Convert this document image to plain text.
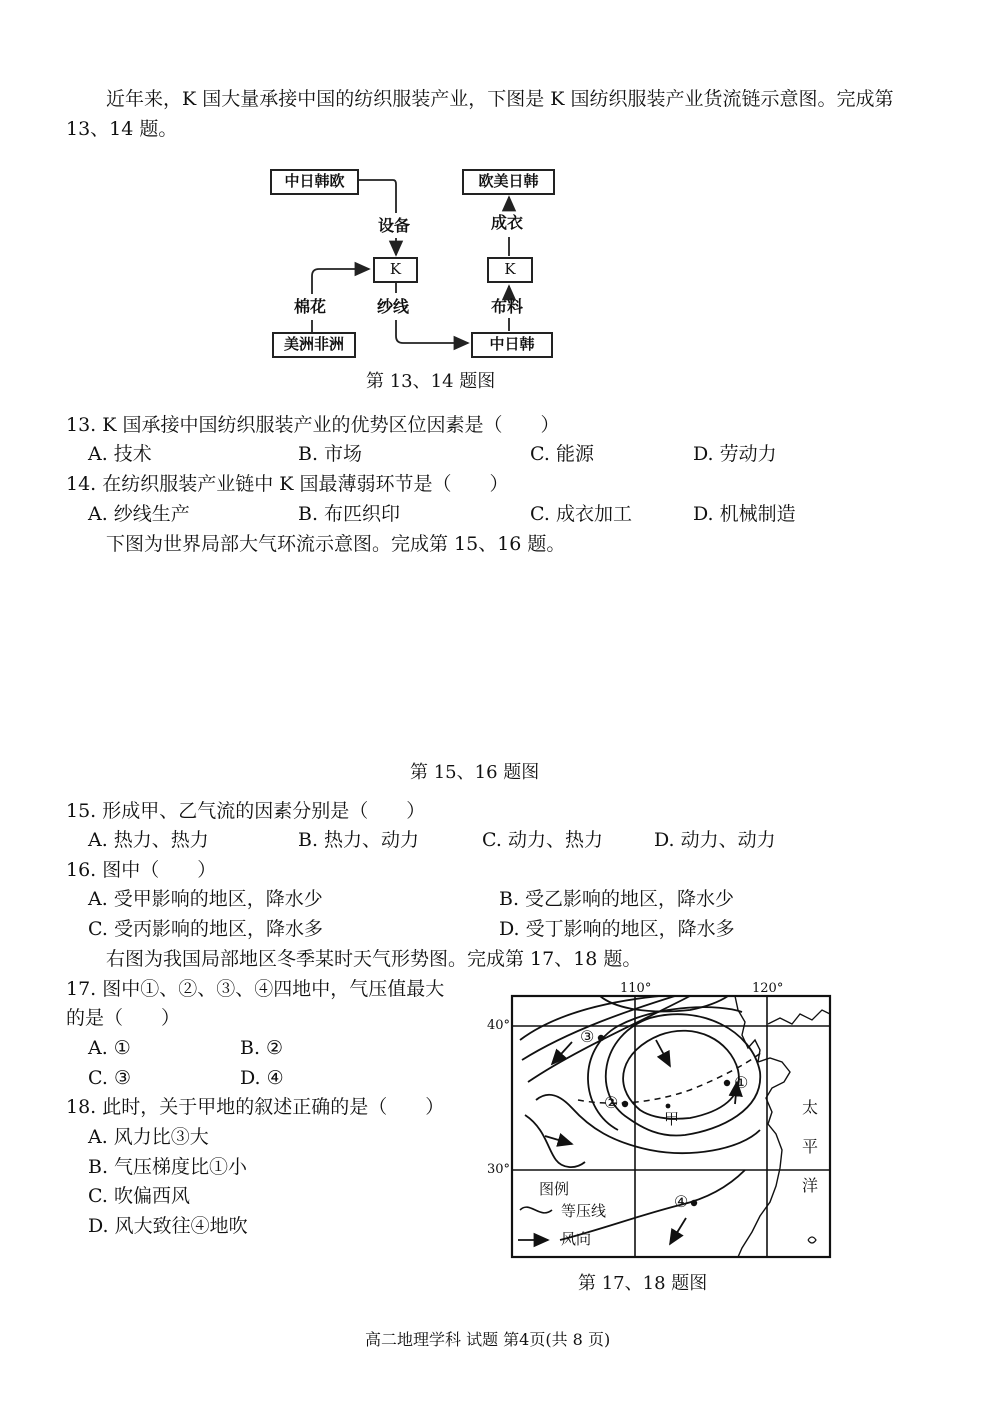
近年来，K 国大量承接中国的纺织服装产业，下图是 K 国纺织服装产业货流链示意图。完成第
13、14 题。
中日韩欧	欧美日韩
K	K
美洲非洲	中日韩
设备	成衣
棉花	纱线	布料
第 13、14 题图
13. K 国承接中国纺织服装产业的优势区位因素是（　　）
A. 技术	B. 市场	C. 能源	D. 劳动力
14. 在纺织服装产业链中 K 国最薄弱环节是（　　）
A. 纱线生产	B. 布匹织印	C. 成衣加工	D. 机械制造
下图为世界局部大气环流示意图。完成第 15、16 题。
第 15、16 题图
15. 形成甲、乙气流的因素分别是（　　）
A. 热力、热力	B. 热力、动力	C. 动力、热力	D. 动力、动力
16. 图中（　　）
A. 受甲影响的地区，降水少	B. 受乙影响的地区，降水少
C. 受丙影响的地区，降水多	D. 受丁影响的地区，降水多
右图为我国局部地区冬季某时天气形势图。完成第 17、18 题。
17. 图中①、②、③、④四地中，气压值最大
的是（　　）
A. ①	B. ②
C. ③	D. ④
18. 此时，关于甲地的叙述正确的是（　　）
A. 风力比③大
B. 气压梯度比①小
C. 吹偏西风
D. 风大致往④地吹
110°	120°
40°
30°
③
①
②
④
甲
太
平
洋
图例
等压线
风向
第 17、18 题图
高二地理学科 试题 第4页(共 8 页)
